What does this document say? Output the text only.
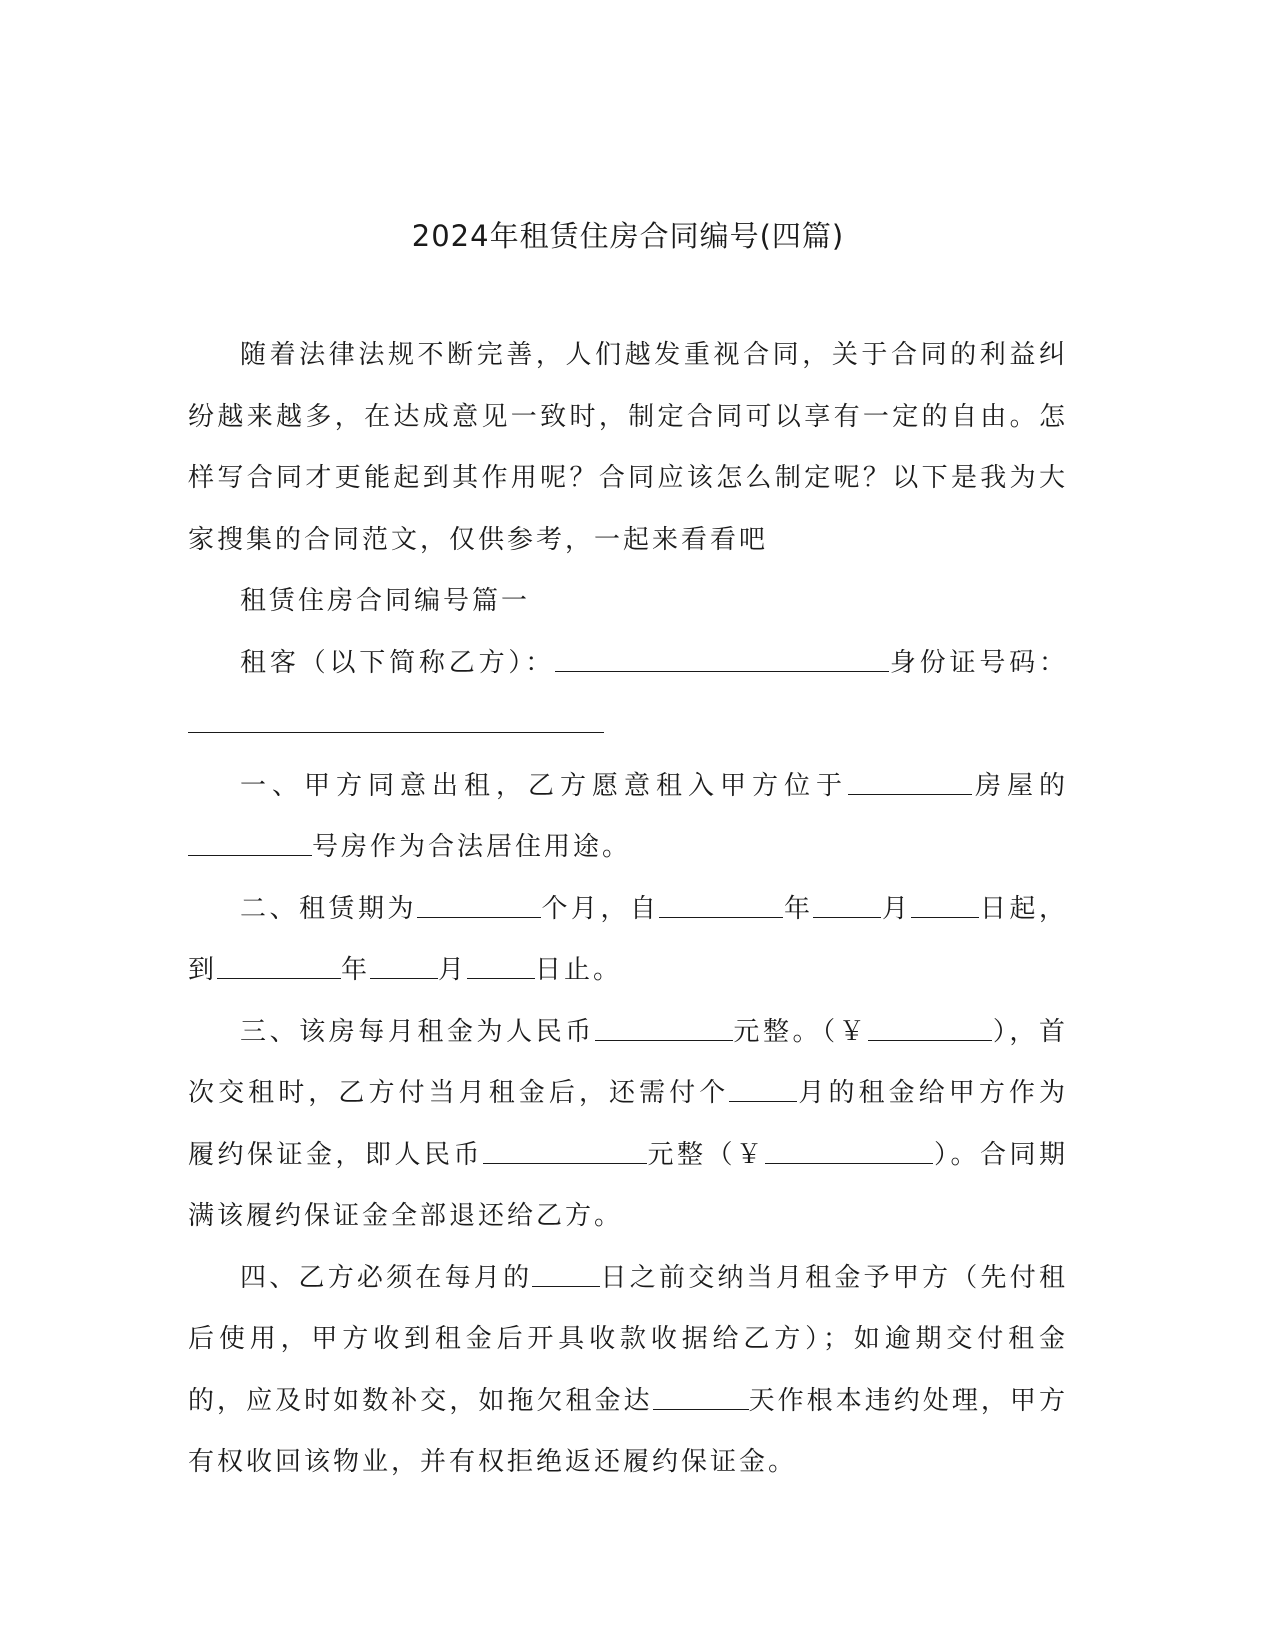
2024年租赁住房合同编号(四篇)

随着法律法规不断完善，人们越发重视合同，关于合同的利益纠纷越来越多，在达成意见一致时，制定合同可以享有一定的自由。怎样写合同才更能起到其作用呢？合同应该怎么制定呢？以下是我为大家搜集的合同范文，仅供参考，一起来看看吧

租赁住房合同编号篇一

租客（以下简称乙方）：	身份证号码：

一、甲方同意出租，乙方愿意租入甲方位于	房屋的号房作为合法居住用途。

二、租赁期为	个月，自	年	月	日起，到	年	月	日止。

三、该房每月租金为人民币	元整。（￥	），首次交租时，乙方付当月租金后，还需付个	月的租金给甲方作为履约保证金，即人民币	元整（￥	）。合同期满该履约保证金全部退还给乙方。

四、乙方必须在每月的	日之前交纳当月租金予甲方（先付租后使用，甲方收到租金后开具收款收据给乙方）；如逾期交付租金的，应及时如数补交，如拖欠租金达	天作根本违约处理，甲方有权收回该物业，并有权拒绝返还履约保证金。
